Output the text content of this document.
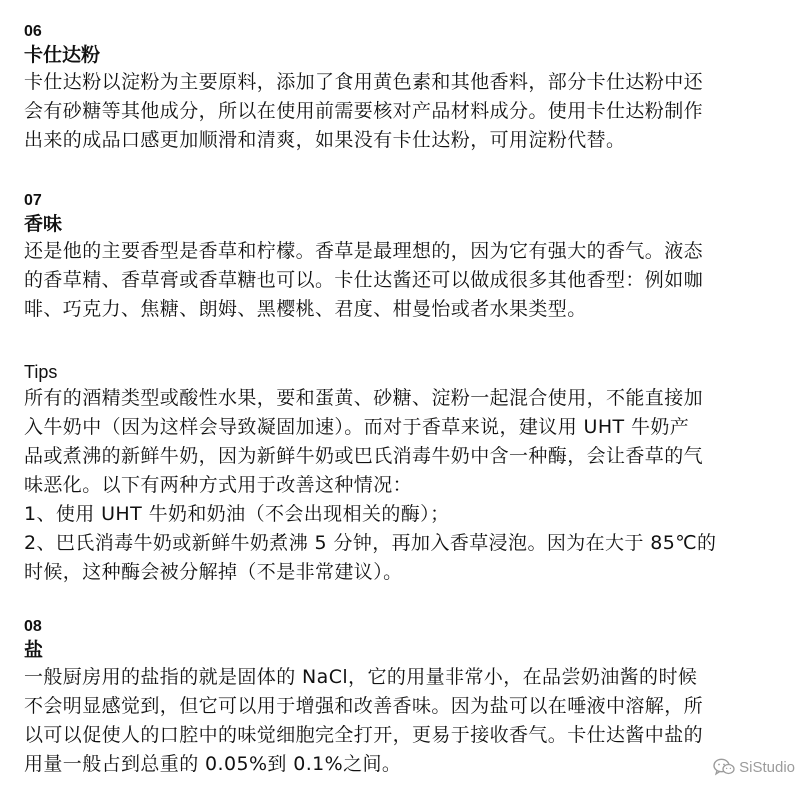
06
卡仕达粉
卡仕达粉以淀粉为主要原料，添加了食用黄色素和其他香料，部分卡仕达粉中还
会有砂糖等其他成分，所以在使用前需要核对产品材料成分。使用卡仕达粉制作
出来的成品口感更加顺滑和清爽，如果没有卡仕达粉，可用淀粉代替。
07
香味
还是他的主要香型是香草和柠檬。香草是最理想的，因为它有强大的香气。液态
的香草精、香草膏或香草糖也可以。卡仕达酱还可以做成很多其他香型：例如咖
啡、巧克力、焦糖、朗姆、黑樱桃、君度、柑曼怡或者水果类型。
Tips
所有的酒精类型或酸性水果，要和蛋黄、砂糖、淀粉一起混合使用，不能直接加
入牛奶中（因为这样会导致凝固加速）。而对于香草来说，建议用 UHT 牛奶产
品或煮沸的新鲜牛奶，因为新鲜牛奶或巴氏消毒牛奶中含一种酶，会让香草的气
味恶化。以下有两种方式用于改善这种情况：
1、使用 UHT 牛奶和奶油（不会出现相关的酶）；
2、巴氏消毒牛奶或新鲜牛奶煮沸 5 分钟，再加入香草浸泡。因为在大于 85℃的
时候，这种酶会被分解掉（不是非常建议）。
08
盐
一般厨房用的盐指的就是固体的 NaCl，它的用量非常小，在品尝奶油酱的时候
不会明显感觉到，但它可以用于增强和改善香味。因为盐可以在唾液中溶解，所
以可以促使人的口腔中的味觉细胞完全打开，更易于接收香气。卡仕达酱中盐的
用量一般占到总重的 0.05%到 0.1%之间。	SiStudio
